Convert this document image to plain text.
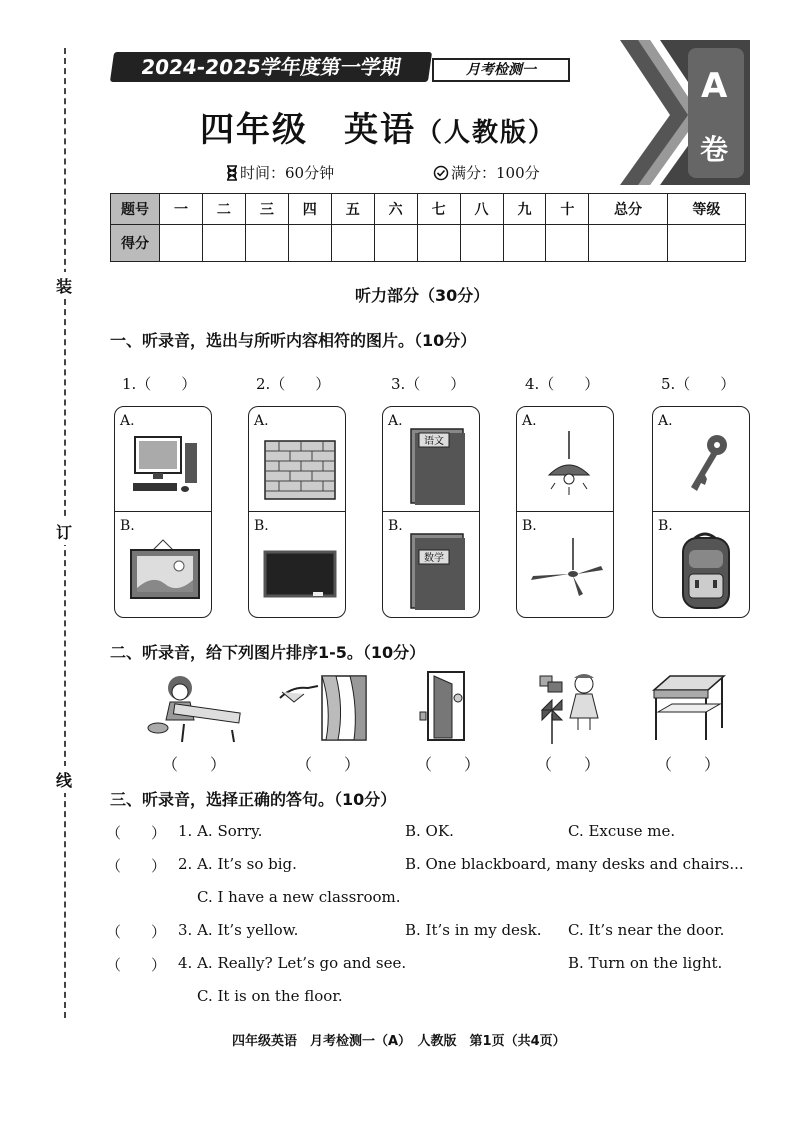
装
订
线
2024-2025学年度第一学期	月考检测一	A
卷
四年级 英语（人教版）
时间：60分钟	满分：100分
题号	一	二	三	四	五	六	七	八	九	十	总分	等级
得分												
听力部分（30分）
一、听录音，选出与所听内容相符的图片。（10分）
1.（　　）	2.（　　）	3.（　　）	4.（　　）	5.（　　）
A.
B.
A.
B.
A.
语文
B.
数学
A.
B.
A.
B.
二、听录音，给下列图片排序1-5。（10分）
（　　）	（　　）	（　　）	（　　）	（　　）
三、听录音，选择正确的答句。（10分）
（　　） 1. A. Sorry.	B. OK.	C. Excuse me.
（　　） 2. A. It’s so big.	B. One blackboard, many desks and chairs...
C. I have a new classroom.
（　　） 3. A. It’s yellow.	B. It’s in my desk. C. It’s near the door.
（　　） 4. A. Really? Let’s go and see.	B. Turn on the light.
C. It is on the floor.
四年级英语　月考检测一（A）　人教版　第1页（共4页）
